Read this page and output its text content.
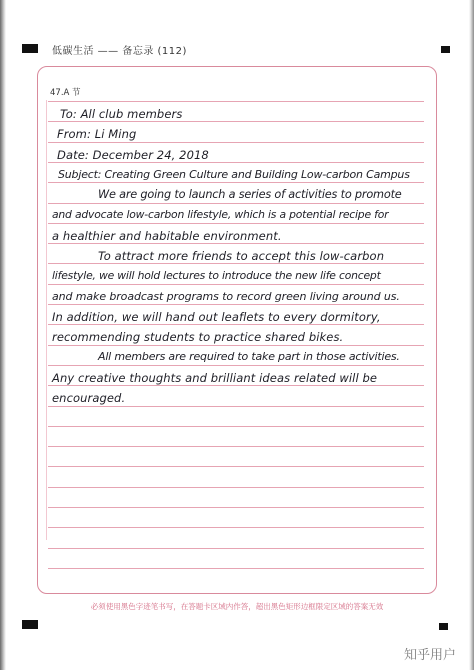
低碳生活 —— 备忘录 (112)
47.A 节
To: All club members
From: Li Ming
Date: December 24, 2018
Subject: Creating Green Culture and Building Low-carbon Campus
We are going to launch a series of activities to promote
and advocate low-carbon lifestyle, which is a potential recipe for
a healthier and habitable environment.
To attract more friends to accept this low-carbon
lifestyle, we will hold lectures to introduce the new life concept
and make broadcast programs to record green living around us.
In addition, we will hand out leaflets to every dormitory,
recommending students to practice shared bikes.
All members are required to take part in those activities.
Any creative thoughts and brilliant ideas related will be
encouraged.
必须使用黑色字迹笔书写，在答题卡区域内作答，超出黑色矩形边框限定区域的答案无效
知乎用户
